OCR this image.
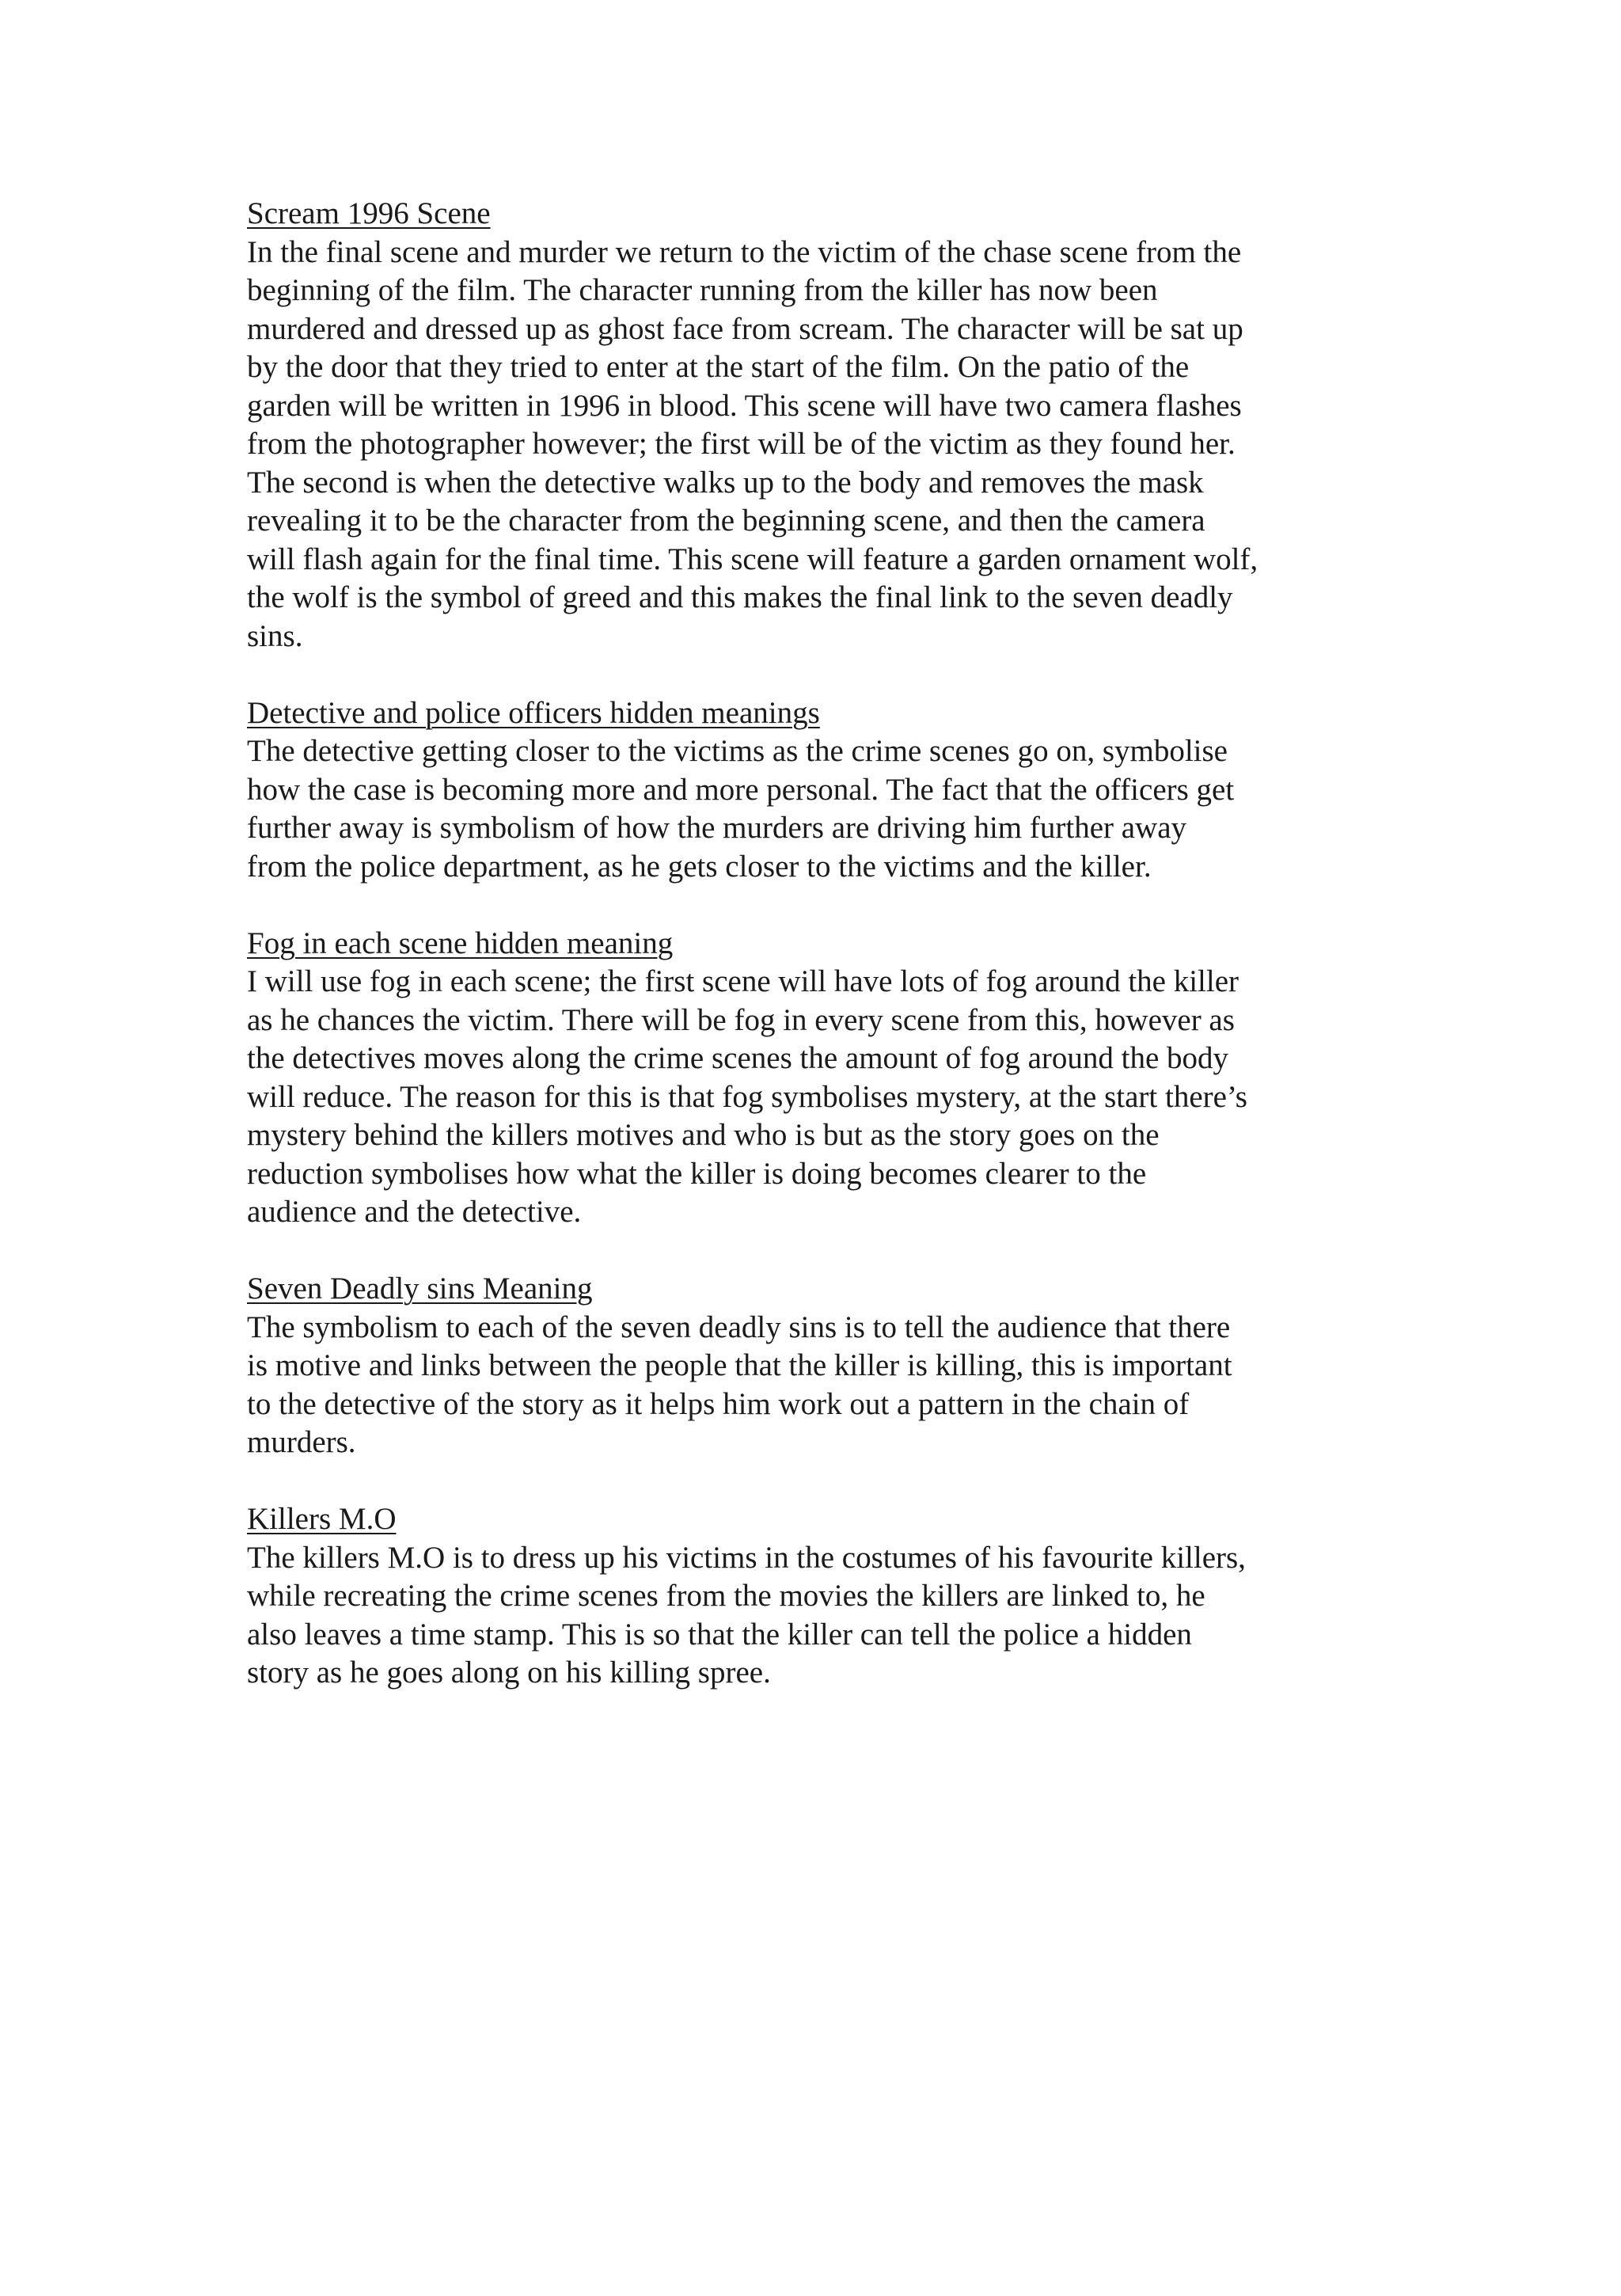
Scream 1996 Scene
In the final scene and murder we return to the victim of the chase scene from the
beginning of the film. The character running from the killer has now been
murdered and dressed up as ghost face from scream. The character will be sat up
by the door that they tried to enter at the start of the film. On the patio of the
garden will be written in 1996 in blood. This scene will have two camera flashes
from the photographer however; the first will be of the victim as they found her.
The second is when the detective walks up to the body and removes the mask
revealing it to be the character from the beginning scene, and then the camera
will flash again for the final time. This scene will feature a garden ornament wolf,
the wolf is the symbol of greed and this makes the final link to the seven deadly
sins.
Detective and police officers hidden meanings
The detective getting closer to the victims as the crime scenes go on, symbolise
how the case is becoming more and more personal. The fact that the officers get
further away is symbolism of how the murders are driving him further away
from the police department, as he gets closer to the victims and the killer.
Fog in each scene hidden meaning
I will use fog in each scene; the first scene will have lots of fog around the killer
as he chances the victim. There will be fog in every scene from this, however as
the detectives moves along the crime scenes the amount of fog around the body
will reduce. The reason for this is that fog symbolises mystery, at the start there’s
mystery behind the killers motives and who is but as the story goes on the
reduction symbolises how what the killer is doing becomes clearer to the
audience and the detective.
Seven Deadly sins Meaning
The symbolism to each of the seven deadly sins is to tell the audience that there
is motive and links between the people that the killer is killing, this is important
to the detective of the story as it helps him work out a pattern in the chain of
murders.
Killers M.O
The killers M.O is to dress up his victims in the costumes of his favourite killers,
while recreating the crime scenes from the movies the killers are linked to, he
also leaves a time stamp. This is so that the killer can tell the police a hidden
story as he goes along on his killing spree.
